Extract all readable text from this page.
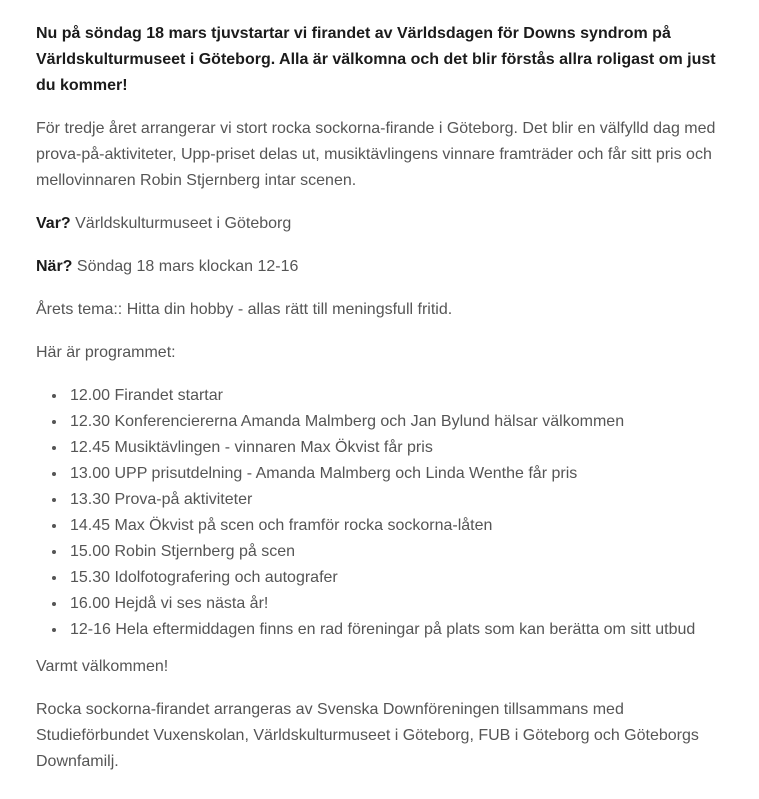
Nu på söndag 18 mars tjuvstartar vi firandet av Världsdagen för Downs syndrom på Världskulturmuseet i Göteborg. Alla är välkomna och det blir förstås allra roligast om just du kommer!

För tredje året arrangerar vi stort rocka sockorna-firande i Göteborg. Det blir en välfylld dag med prova-på-aktiviteter, Upp-priset delas ut, musiktävlingens vinnare framträder och får sitt pris och mellovinnaren Robin Stjernberg intar scenen.

Var? Världskulturmuseet i Göteborg

När? Söndag 18 mars klockan 12-16

Årets tema:: Hitta din hobby - allas rätt till meningsfull fritid.

Här är programmet:

• 12.00 Firandet startar
• 12.30 Konferenciererna Amanda Malmberg och Jan Bylund hälsar välkommen
• 12.45 Musiktävlingen - vinnaren Max Ökvist får pris
• 13.00 UPP prisutdelning - Amanda Malmberg och Linda Wenthe får pris
• 13.30 Prova-på aktiviteter
• 14.45 Max Ökvist på scen och framför rocka sockorna-låten
• 15.00 Robin Stjernberg på scen
• 15.30 Idolfotografering och autografer
• 16.00 Hejdå vi ses nästa år!
• 12-16 Hela eftermiddagen finns en rad föreningar på plats som kan berätta om sitt utbud

Varmt välkommen!

Rocka sockorna-firandet arrangeras av Svenska Downföreningen tillsammans med Studieförbundet Vuxenskolan, Världskulturmuseet i Göteborg, FUB i Göteborg och Göteborgs Downfamilj.
